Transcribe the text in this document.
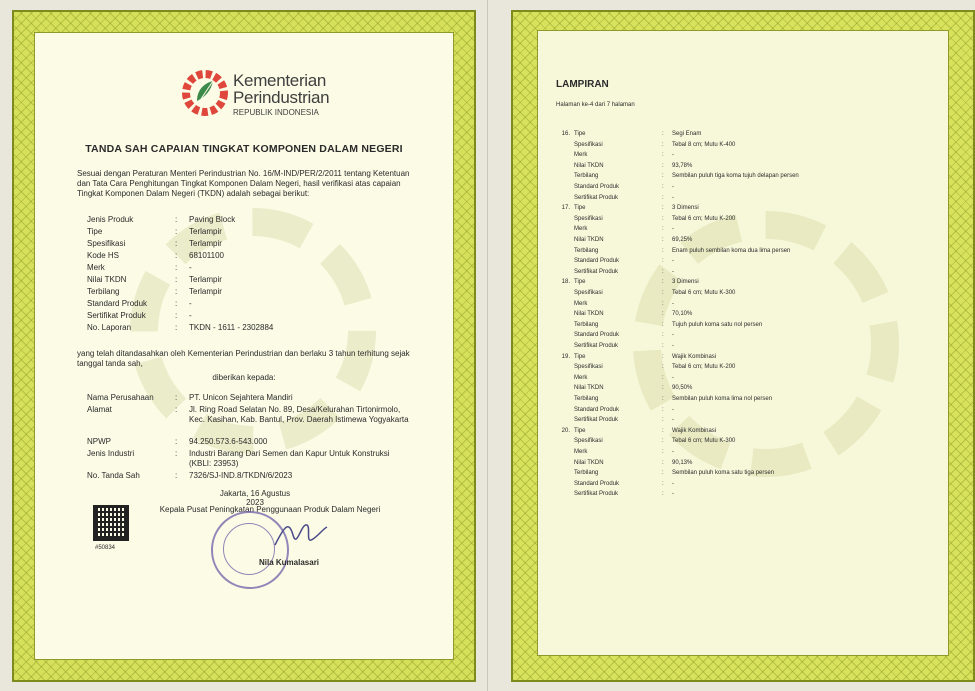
Kementerian
Perindustrian
REPUBLIK INDONESIA
TANDA SAH CAPAIAN TINGKAT KOMPONEN DALAM NEGERI
Sesuai dengan Peraturan Menteri Perindustrian No. 16/M-IND/PER/2/2011 tentang Ketentuan dan Tata Cara Penghitungan Tingkat Komponen Dalam Negeri, hasil verifikasi atas capaian Tingkat Komponen Dalam Negeri (TKDN) adalah sebagai berikut:
Jenis Produk	: Paving Block
Tipe	: Terlampir
Spesifikasi	: Terlampir
Kode HS	: 68101100
Merk	: -
Nilai TKDN	: Terlampir
Terbilang	: Terlampir
Standard Produk	: -
Sertifikat Produk	: -
No. Laporan	: TKDN - 1611 - 2302884
yang telah ditandasahkan oleh Kementerian Perindustrian dan berlaku 3 tahun terhitung sejak tanggal tanda sah,
diberikan kepada:
Nama Perusahaan	: PT. Unicon Sejahtera Mandiri
Alamat	: Jl. Ring Road Selatan No. 89, Desa/Kelurahan Tirtonirmolo, Kec. Kasihan, Kab. Bantul, Prov. Daerah Istimewa Yogyakarta
NPWP	: 94.250.573.6-543.000
Jenis Industri	: Industri Barang Dari Semen dan Kapur Untuk Konstruksi (KBLI: 23953)
No. Tanda Sah	: 7326/SJ-IND.8/TKDN/6/2023
Jakarta, 16 Agustus 2023
Kepala Pusat Peningkatan Penggunaan Produk Dalam Negeri
#50834
Nila Kumalasari
LAMPIRAN
Halaman ke-4 dari 7 halaman
16. Tipe	: Segi Enam
Spesifikasi	: Tebal 8 cm; Mutu K-400
Merk	: -
Nilai TKDN	: 93,78%
Terbilang	: Sembilan puluh tiga koma tujuh delapan persen
Standard Produk	: -
Sertifikat Produk	: -
17. Tipe	: 3 Dimensi
Spesifikasi	: Tebal 6 cm; Mutu K-200
Merk	: -
Nilai TKDN	: 69,25%
Terbilang	: Enam puluh sembilan koma dua lima persen
Standard Produk	: -
Sertifikat Produk	: -
18. Tipe	: 3 Dimensi
Spesifikasi	: Tebal 6 cm; Mutu K-300
Merk	: -
Nilai TKDN	: 70,10%
Terbilang	: Tujuh puluh koma satu nol persen
Standard Produk	: -
Sertifikat Produk	: -
19. Tipe	: Wajik Kombinasi
Spesifikasi	: Tebal 6 cm; Mutu K-200
Merk	: -
Nilai TKDN	: 90,50%
Terbilang	: Sembilan puluh koma lima nol persen
Standard Produk	: -
Sertifikat Produk	: -
20. Tipe	: Wajik Kombinasi
Spesifikasi	: Tebal 6 cm; Mutu K-300
Merk	: -
Nilai TKDN	: 90,13%
Terbilang	: Sembilan puluh koma satu tiga persen
Standard Produk	: -
Sertifikat Produk	: -
